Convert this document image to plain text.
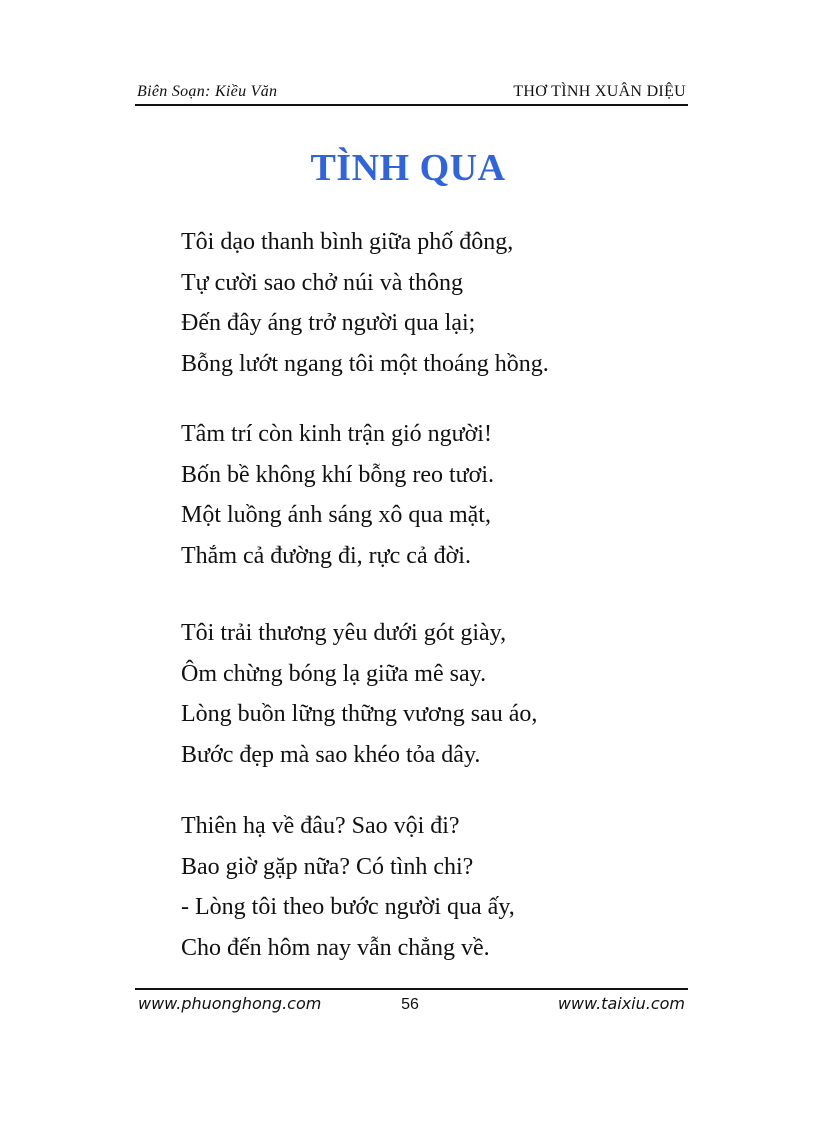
Biên Soạn: Kiều Văn	THƠ TÌNH XUÂN DIỆU
TÌNH QUA
Tôi dạo thanh bình giữa phố đông,
Tự cười sao chở núi và thông
Đến đây áng trở người qua lại;
Bỗng lướt ngang tôi một thoáng hồng.
Tâm trí còn kinh trận gió người!
Bốn bề không khí bỗng reo tươi.
Một luồng ánh sáng xô qua mặt,
Thắm cả đường đi, rực cả đời.
Tôi trải thương yêu dưới gót giày,
Ôm chừng bóng lạ giữa mê say.
Lòng buồn lững thững vương sau áo,
Bước đẹp mà sao khéo tỏa dây.
Thiên hạ về đâu? Sao vội đi?
Bao giờ gặp nữa? Có tình chi?
- Lòng tôi theo bước người qua ấy,
Cho đến hôm nay vẫn chẳng về.
www.phuonghong.com	56	www.taixiu.com
